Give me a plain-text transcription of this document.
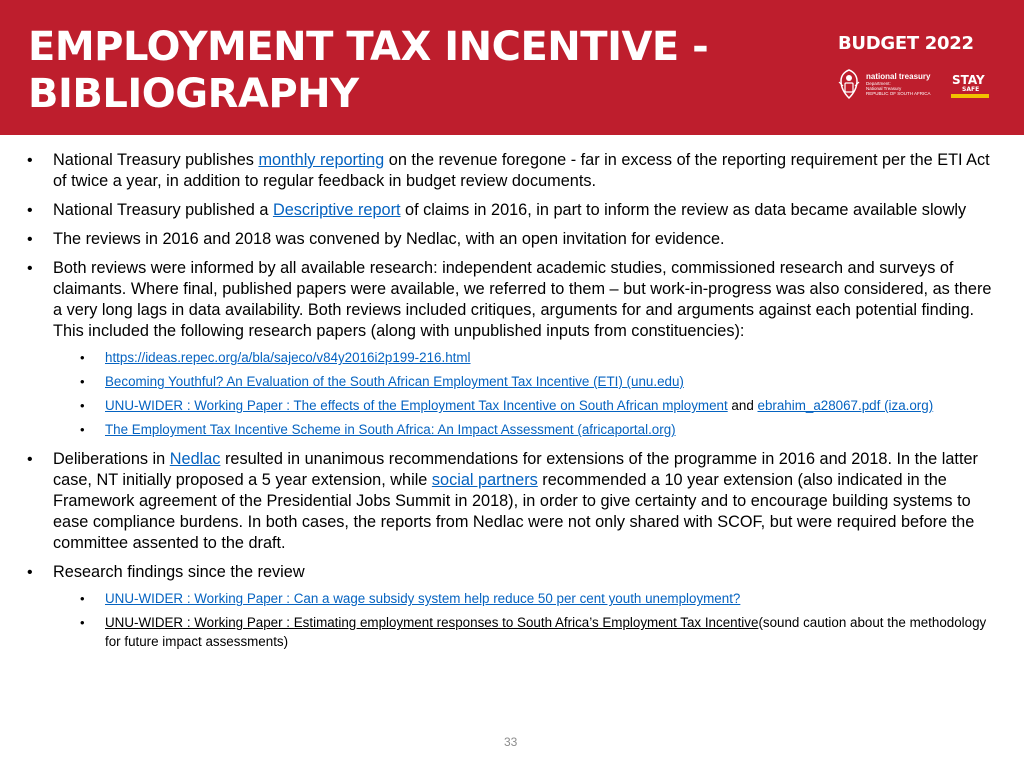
EMPLOYMENT TAX INCENTIVE -
BIBLIOGRAPHY
BUDGET 2022
national treasury
Department:
National Treasury
REPUBLIC OF SOUTH AFRICA
STAY
SAFE
• National Treasury publishes monthly reporting on the revenue foregone - far in excess of the reporting requirement per the ETI Act of twice a year, in addition to regular feedback in budget review documents.
• National Treasury published a Descriptive report of claims in 2016, in part to inform the review as data became available slowly
• The reviews in 2016 and 2018 was convened by Nedlac, with an open invitation for evidence.
• Both reviews were informed by all available research: independent academic studies, commissioned research and surveys of claimants. Where final, published papers were available, we referred to them – but work-in-progress was also considered, as there a very long lags in data availability. Both reviews included critiques, arguments for and arguments against each potential finding. This included the following research papers (along with unpublished inputs from constituencies):
• https://ideas.repec.org/a/bla/sajeco/v84y2016i2p199-216.html
• Becoming Youthful? An Evaluation of the South African Employment Tax Incentive (ETI) (unu.edu)
• UNU-WIDER : Working Paper : The effects of the Employment Tax Incentive on South African mployment and ebrahim_a28067.pdf (iza.org)
• The Employment Tax Incentive Scheme in South Africa: An Impact Assessment (africaportal.org)
• Deliberations in Nedlac resulted in unanimous recommendations for extensions of the programme in 2016 and 2018. In the latter case, NT initially proposed a 5 year extension, while social partners recommended a 10 year extension (also indicated in the Framework agreement of the Presidential Jobs Summit in 2018), in order to give certainty and to encourage building systems to ease compliance burdens. In both cases, the reports from Nedlac were not only shared with SCOF, but were required before the committee assented to the draft.
• Research findings since the review
• UNU-WIDER : Working Paper : Can a wage subsidy system help reduce 50 per cent youth unemployment?
• UNU-WIDER : Working Paper : Estimating employment responses to South Africa’s Employment Tax Incentive(sound caution about the methodology for future impact assessments)
33
